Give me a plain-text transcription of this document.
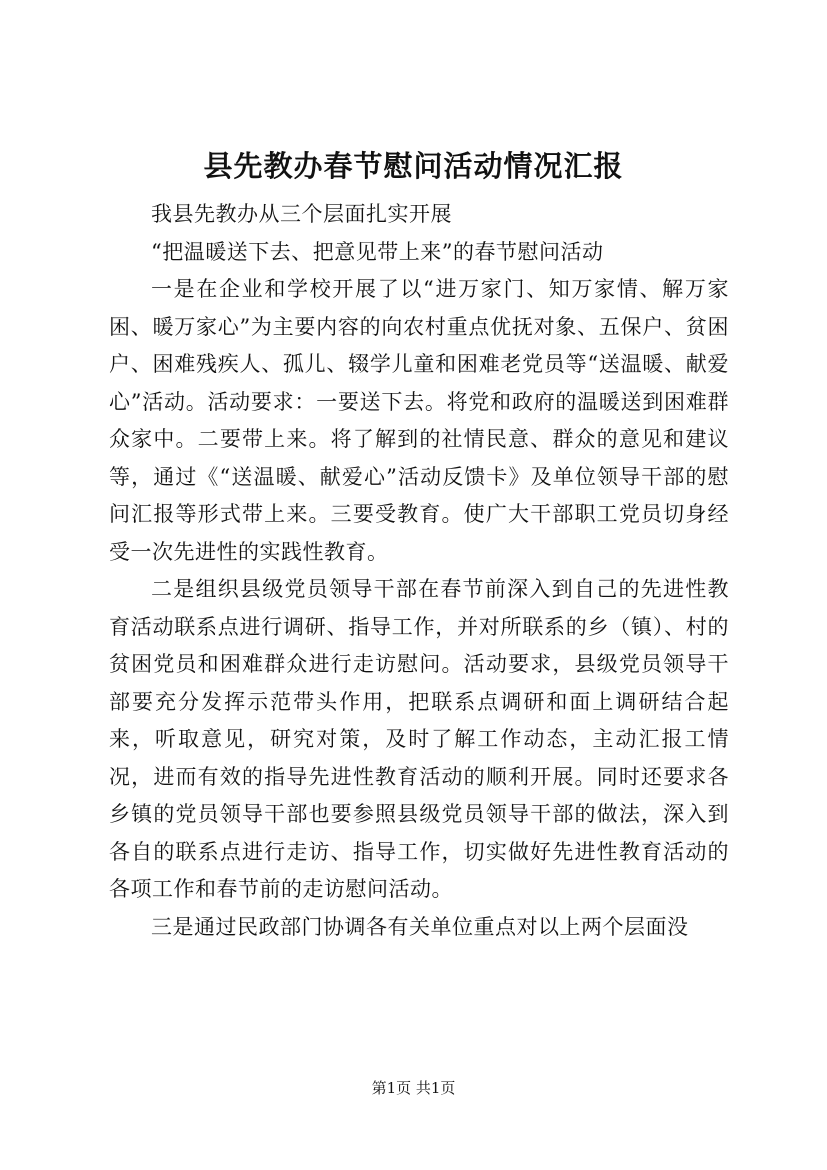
县先教办春节慰问活动情况汇报

我县先教办从三个层面扎实开展

“把温暖送下去、把意见带上来”的春节慰问活动

一是在企业和学校开展了以“进万家门、知万家情、解万家困、暖万家心”为主要内容的向农村重点优抚对象、五保户、贫困户、困难残疾人、孤儿、辍学儿童和困难老党员等“送温暖、献爱心”活动。活动要求：一要送下去。将党和政府的温暖送到困难群众家中。二要带上来。将了解到的社情民意、群众的意见和建议等，通过《“送温暖、献爱心”活动反馈卡》及单位领导干部的慰问汇报等形式带上来。三要受教育。使广大干部职工党员切身经受一次先进性的实践性教育。

二是组织县级党员领导干部在春节前深入到自己的先进性教育活动联系点进行调研、指导工作，并对所联系的乡（镇）、村的贫困党员和困难群众进行走访慰问。活动要求，县级党员领导干部要充分发挥示范带头作用，把联系点调研和面上调研结合起来，听取意见，研究对策，及时了解工作动态，主动汇报工情况，进而有效的指导先进性教育活动的顺利开展。同时还要求各乡镇的党员领导干部也要参照县级党员领导干部的做法，深入到各自的联系点进行走访、指导工作，切实做好先进性教育活动的各项工作和春节前的走访慰问活动。

三是通过民政部门协调各有关单位重点对以上两个层面没

第1页 共1页
